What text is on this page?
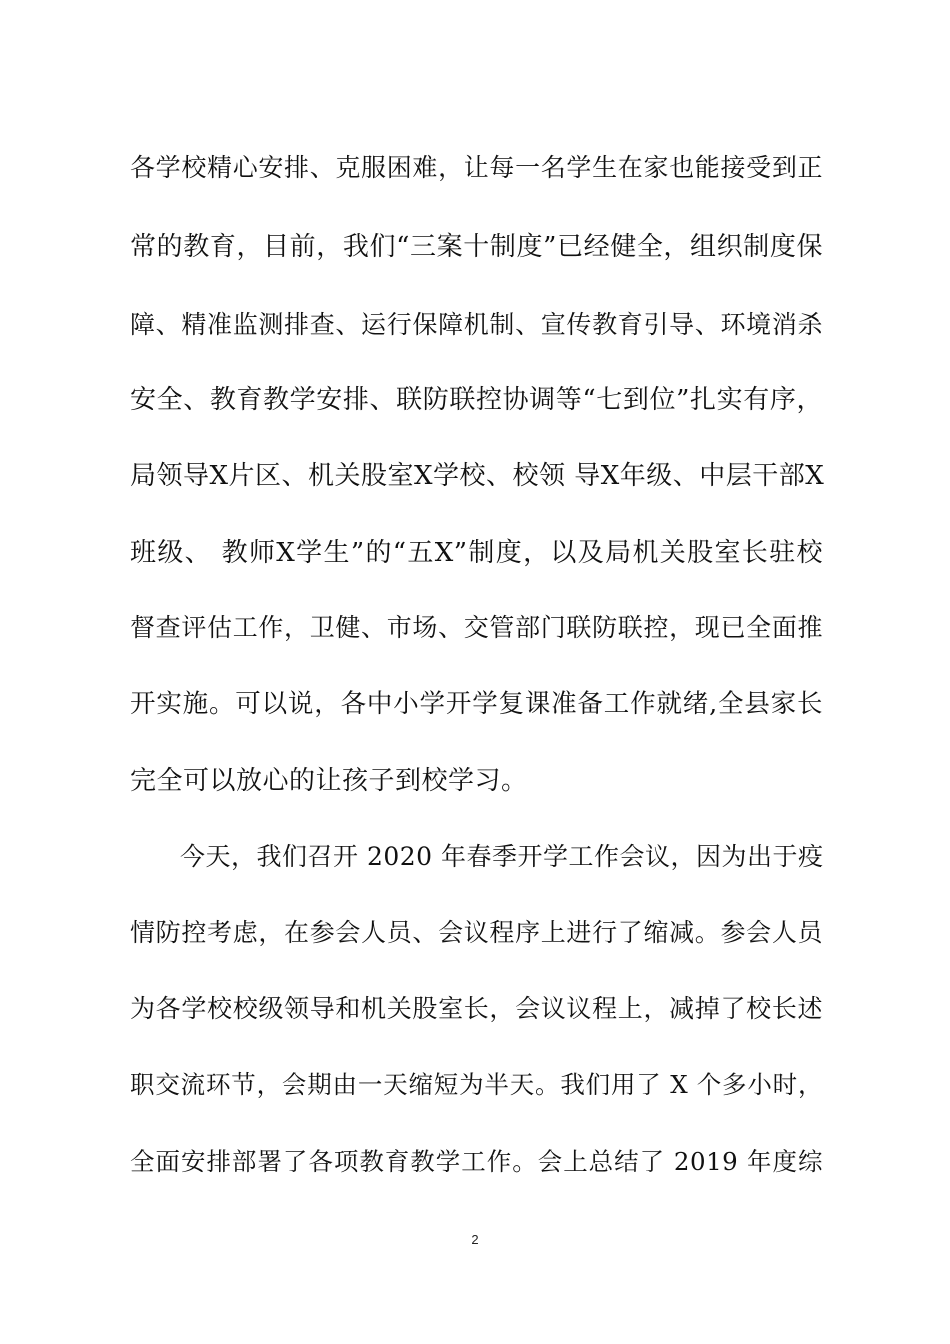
各学校精心安排、克服困难，让每一名学生在家也能接受到正
常的教育，目前，我们“三案十制度”已经健全，组织制度保
障、精准监测排查、运行保障机制、宣传教育引导、环境消杀
安全、教育教学安排、联防联控协调等“七到位”扎实有序，
局领导X片区、机关股室X学校、校领 导X年级、中层干部X
班级、 教师X学生”的“五X”制度，以及局机关股室长驻校
督查评估工作，卫健、市场、交管部门联防联控，现已全面推
开实施。可以说，各中小学开学复课准备工作就绪,全县家长
完全可以放心的让孩子到校学习。
今天，我们召开 2020 年春季开学工作会议，因为出于疫
情防控考虑，在参会人员、会议程序上进行了缩减。参会人员
为各学校校级领导和机关股室长，会议议程上，减掉了校长述
职交流环节，会期由一天缩短为半天。我们用了 X 个多小时，
全面安排部署了各项教育教学工作。会上总结了 2019 年度综
2
